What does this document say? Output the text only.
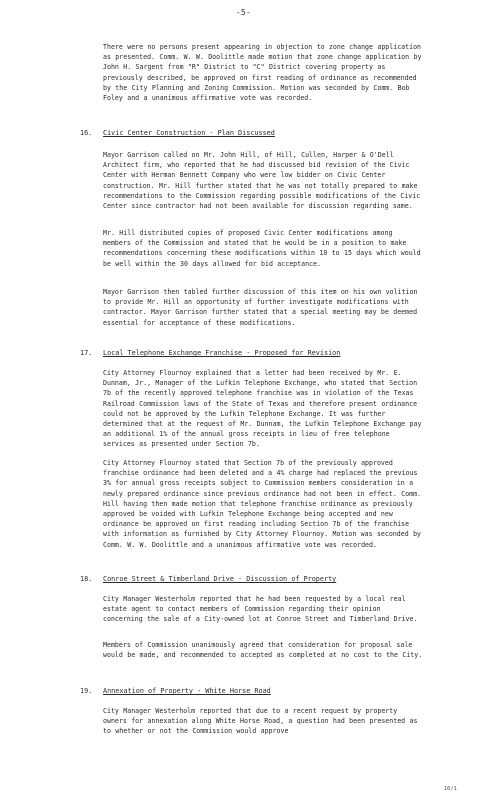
-5-

There were no persons present appearing in objection to zone change application as presented. Comm. W. W. Doolittle made motion that zone change application by John H. Sargent from "R" District to "C" District covering property as previously described, be approved on first reading of ordinance as recommended by the City Planning and Zoning Commission. Motion was seconded by Comm. Bob Foley and a unanimous affirmative vote was recorded.

16. Civic Center Construction - Plan Discussed

Mayor Garrison called on Mr. John Hill, of Hill, Cullen, Harper & O'Dell Architect firm, who reported that he had discussed bid revision of the Civic Center with Herman Bennett Company who were low bidder on Civic Center construction. Mr. Hill further stated that he was not totally prepared to make recommendations to the Commission regarding possible modifications of the Civic Center since contractor had not been available for discussion regarding same.

Mr. Hill distributed copies of proposed Civic Center modifications among members of the Commission and stated that he would be in a position to make recommendations concerning these modifications within 10 to 15 days which would be well within the 30 days allowed for bid acceptance.

Mayor Garrison then tabled further discussion of this item on his own volition to provide Mr. Hill an opportunity of further investigate modifications with contractor. Mayor Garrison further stated that a special meeting may be deemed essential for acceptance of these modifications.

17. Local Telephone Exchange Franchise - Proposed for Revision

City Attorney Flournoy explained that a letter had been received by Mr. E. Dunnam, Jr., Manager of the Lufkin Telephone Exchange, who stated that Section 7b of the recently approved telephone franchise was in violation of the Texas Railroad Commission laws of the State of Texas and therefore present ordinance could not be approved by the Lufkin Telephone Exchange. It was further determined that at the request of Mr. Dunnam, the Lufkin Telephone Exchange pay an additional 1% of the annual gross receipts in lieu of free telephone services as presented under Section 7b.

City Attorney Flournoy stated that Section 7b of the previously approved franchise ordinance had been deleted and a 4% charge had replaced the previous 3% for annual gross receipts subject to Commission members consideration in a newly prepared ordinance since previous ordinance had not been in effect. Comm. Hill having then made motion that telephone franchise ordinance as previously approved be voided with Lufkin Telephone Exchange being accepted and new ordinance be approved on first reading including Section 7b of the franchise with information as furnished by City Attorney Flournoy. Motion was seconded by Comm. W. W. Doolittle and a unanimous affirmative vote was recorded.

18. Conroe Street & Timberland Drive - Discussion of Property

City Manager Westerholm reported that he had been requested by a local real estate agent to contact members of Commission regarding their opinion concerning the sale of a City-owned lot at Conroe Street and Timberland Drive.

Members of Commission unanimously agreed that consideration for proposal sale would be made, and recommended to accepted as completed at no cost to the City.

19. Annexation of Property - White Horse Road

City Manager Westerholm reported that due to a recent request by property owners for annexation along White Horse Road, a question had been presented as to whether or not the Commission would approve

10/1
